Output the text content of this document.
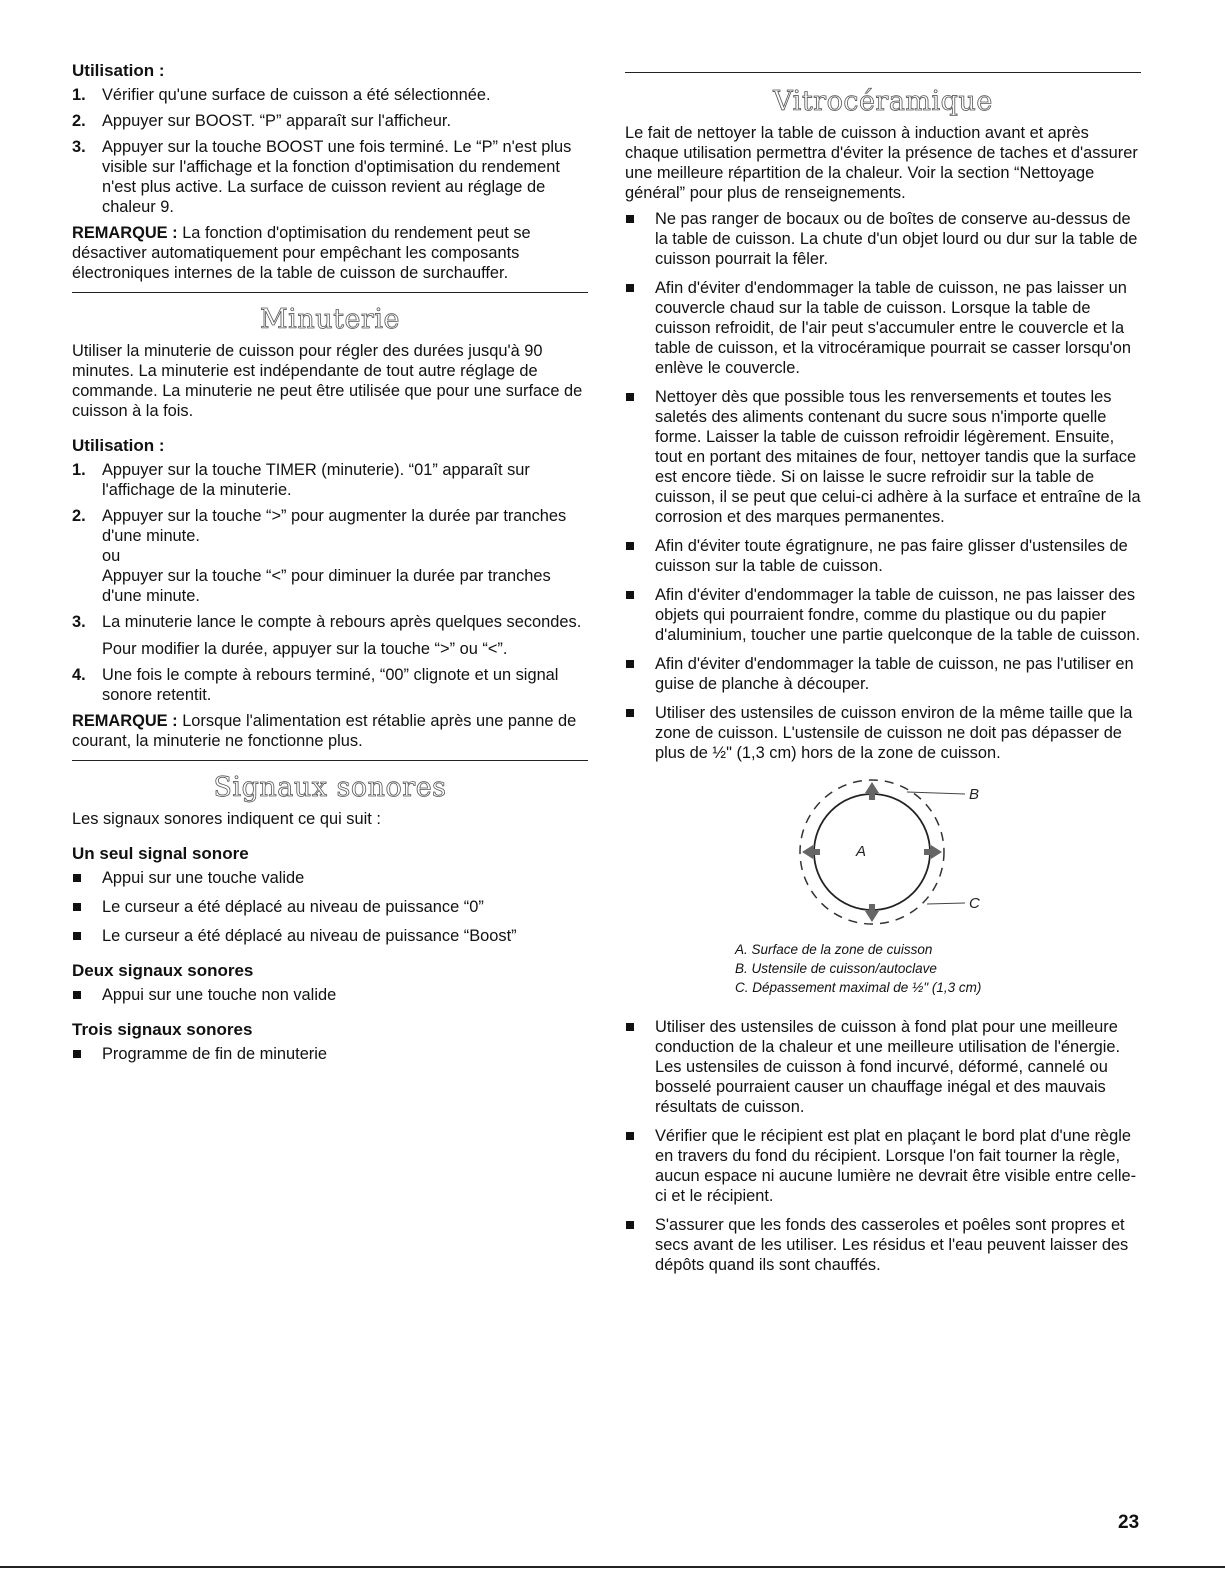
Utilisation :
1. Vérifier qu'une surface de cuisson a été sélectionnée.
2. Appuyer sur BOOST. “P” apparaît sur l'afficheur.
3. Appuyer sur la touche BOOST une fois terminé. Le “P” n'est plus visible sur l'affichage et la fonction d'optimisation du rendement n'est plus active. La surface de cuisson revient au réglage de chaleur 9.

REMARQUE : La fonction d'optimisation du rendement peut se désactiver automatiquement pour empêchant les composants électroniques internes de la table de cuisson de surchauffer.

Minuterie

Utiliser la minuterie de cuisson pour régler des durées jusqu'à 90 minutes. La minuterie est indépendante de tout autre réglage de commande. La minuterie ne peut être utilisée que pour une surface de cuisson à la fois.

Utilisation :
1. Appuyer sur la touche TIMER (minuterie). “01” apparaît sur l'affichage de la minuterie.
2. Appuyer sur la touche “>” pour augmenter la durée par tranches d'une minute.
ou
Appuyer sur la touche “<” pour diminuer la durée par tranches d'une minute.
3. La minuterie lance le compte à rebours après quelques secondes.
Pour modifier la durée, appuyer sur la touche “>” ou “<”.
4. Une fois le compte à rebours terminé, “00” clignote et un signal sonore retentit.

REMARQUE : Lorsque l'alimentation est rétablie après une panne de courant, la minuterie ne fonctionne plus.

Signaux sonores

Les signaux sonores indiquent ce qui suit :

Un seul signal sonore
Appui sur une touche valide
Le curseur a été déplacé au niveau de puissance “0”
Le curseur a été déplacé au niveau de puissance “Boost”
Deux signaux sonores
Appui sur une touche non valide
Trois signaux sonores
Programme de fin de minuterie
Vitrocéramique

Le fait de nettoyer la table de cuisson à induction avant et après chaque utilisation permettra d'éviter la présence de taches et d'assurer une meilleure répartition de la chaleur. Voir la section “Nettoyage général” pour plus de renseignements.

Ne pas ranger de bocaux ou de boîtes de conserve au-dessus de la table de cuisson. La chute d'un objet lourd ou dur sur la table de cuisson pourrait la fêler.
Afin d'éviter d'endommager la table de cuisson, ne pas laisser un couvercle chaud sur la table de cuisson. Lorsque la table de cuisson refroidit, de l'air peut s'accumuler entre le couvercle et la table de cuisson, et la vitrocéramique pourrait se casser lorsqu'on enlève le couvercle.
Nettoyer dès que possible tous les renversements et toutes les saletés des aliments contenant du sucre sous n'importe quelle forme. Laisser la table de cuisson refroidir légèrement. Ensuite, tout en portant des mitaines de four, nettoyer tandis que la surface est encore tiède. Si on laisse le sucre refroidir sur la table de cuisson, il se peut que celui-ci adhère à la surface et entraîne de la corrosion et des marques permanentes.
Afin d'éviter toute égratignure, ne pas faire glisser d'ustensiles de cuisson sur la table de cuisson.
Afin d'éviter d'endommager la table de cuisson, ne pas laisser des objets qui pourraient fondre, comme du plastique ou du papier d'aluminium, toucher une partie quelconque de la table de cuisson.
Afin d'éviter d'endommager la table de cuisson, ne pas l'utiliser en guise de planche à découper.
Utiliser des ustensiles de cuisson environ de la même taille que la zone de cuisson. L'ustensile de cuisson ne doit pas dépasser de plus de ½" (1,3 cm) hors de la zone de cuisson.
A
B
C
A. Surface de la zone de cuisson
B. Ustensile de cuisson/autoclave
C. Dépassement maximal de ½" (1,3 cm)
Utiliser des ustensiles de cuisson à fond plat pour une meilleure conduction de la chaleur et une meilleure utilisation de l'énergie. Les ustensiles de cuisson à fond incurvé, déformé, cannelé ou bosselé pourraient causer un chauffage inégal et des mauvais résultats de cuisson.
Vérifier que le récipient est plat en plaçant le bord plat d'une règle en travers du fond du récipient. Lorsque l'on fait tourner la règle, aucun espace ni aucune lumière ne devrait être visible entre celle-ci et le récipient.
S'assurer que les fonds des casseroles et poêles sont propres et secs avant de les utiliser. Les résidus et l'eau peuvent laisser des dépôts quand ils sont chauffés.
23
